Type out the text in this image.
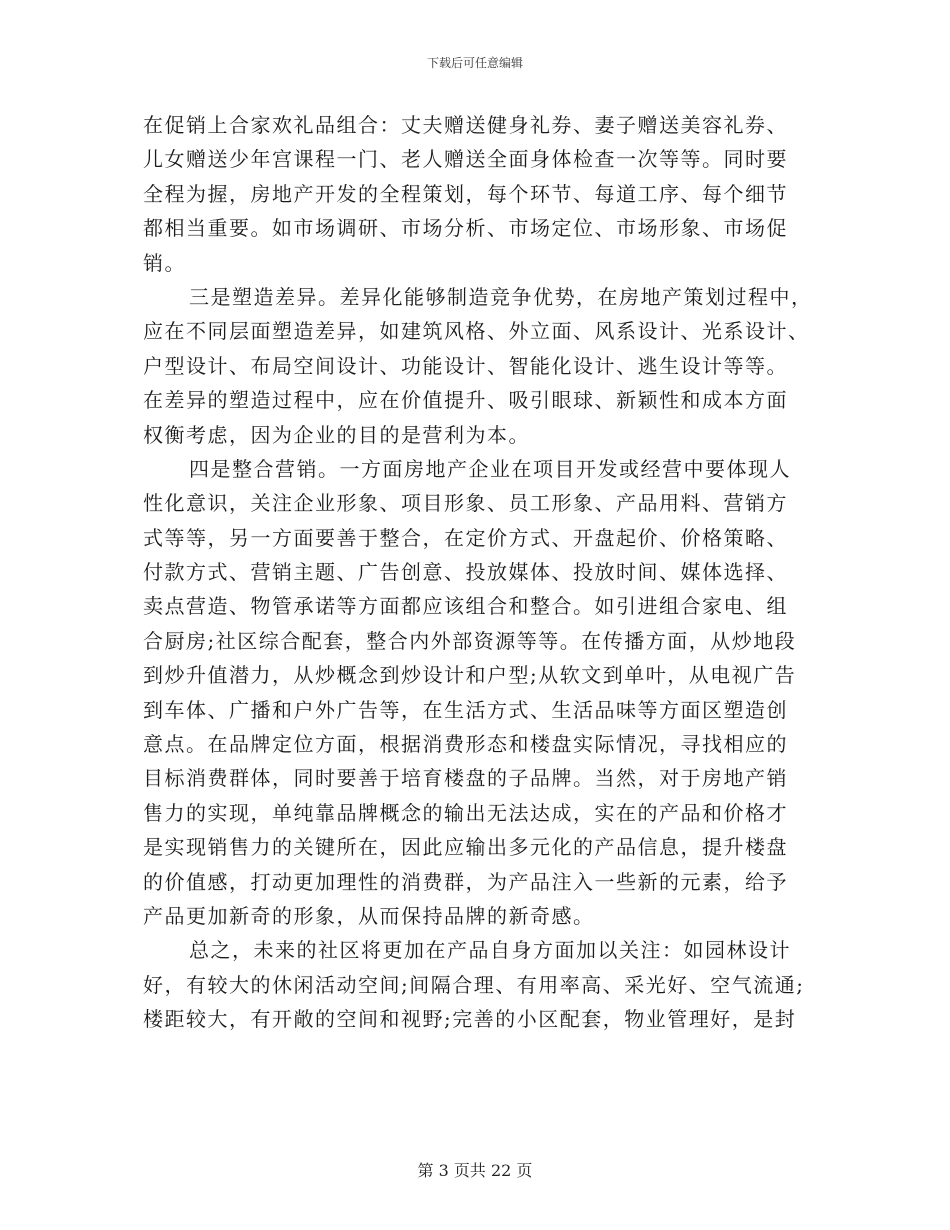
下载后可任意编辑
在促销上合家欢礼品组合：丈夫赠送健身礼券、妻子赠送美容礼券、
儿女赠送少年宫课程一门、老人赠送全面身体检查一次等等。同时要
全程为握，房地产开发的全程策划，每个环节、每道工序、每个细节
都相当重要。如市场调研、市场分析、市场定位、市场形象、市场促
销。
三是塑造差异。差异化能够制造竞争优势，在房地产策划过程中，
应在不同层面塑造差异，如建筑风格、外立面、风系设计、光系设计、
户型设计、布局空间设计、功能设计、智能化设计、逃生设计等等。
在差异的塑造过程中，应在价值提升、吸引眼球、新颖性和成本方面
权衡考虑，因为企业的目的是营利为本。
四是整合营销。一方面房地产企业在项目开发或经营中要体现人
性化意识，关注企业形象、项目形象、员工形象、产品用料、营销方
式等等，另一方面要善于整合，在定价方式、开盘起价、价格策略、
付款方式、营销主题、广告创意、投放媒体、投放时间、媒体选择、
卖点营造、物管承诺等方面都应该组合和整合。如引进组合家电、组
合厨房;社区综合配套，整合内外部资源等等。在传播方面，从炒地段
到炒升值潜力，从炒概念到炒设计和户型;从软文到单叶，从电视广告
到车体、广播和户外广告等，在生活方式、生活品味等方面区塑造创
意点。在品牌定位方面，根据消费形态和楼盘实际情况，寻找相应的
目标消费群体，同时要善于培育楼盘的子品牌。当然，对于房地产销
售力的实现，单纯靠品牌概念的输出无法达成，实在的产品和价格才
是实现销售力的关键所在，因此应输出多元化的产品信息，提升楼盘
的价值感，打动更加理性的消费群，为产品注入一些新的元素，给予
产品更加新奇的形象，从而保持品牌的新奇感。
总之，未来的社区将更加在产品自身方面加以关注：如园林设计
好，有较大的休闲活动空间;间隔合理、有用率高、采光好、空气流通;
楼距较大，有开敞的空间和视野;完善的小区配套，物业管理好，是封
第 3 页共 22 页
